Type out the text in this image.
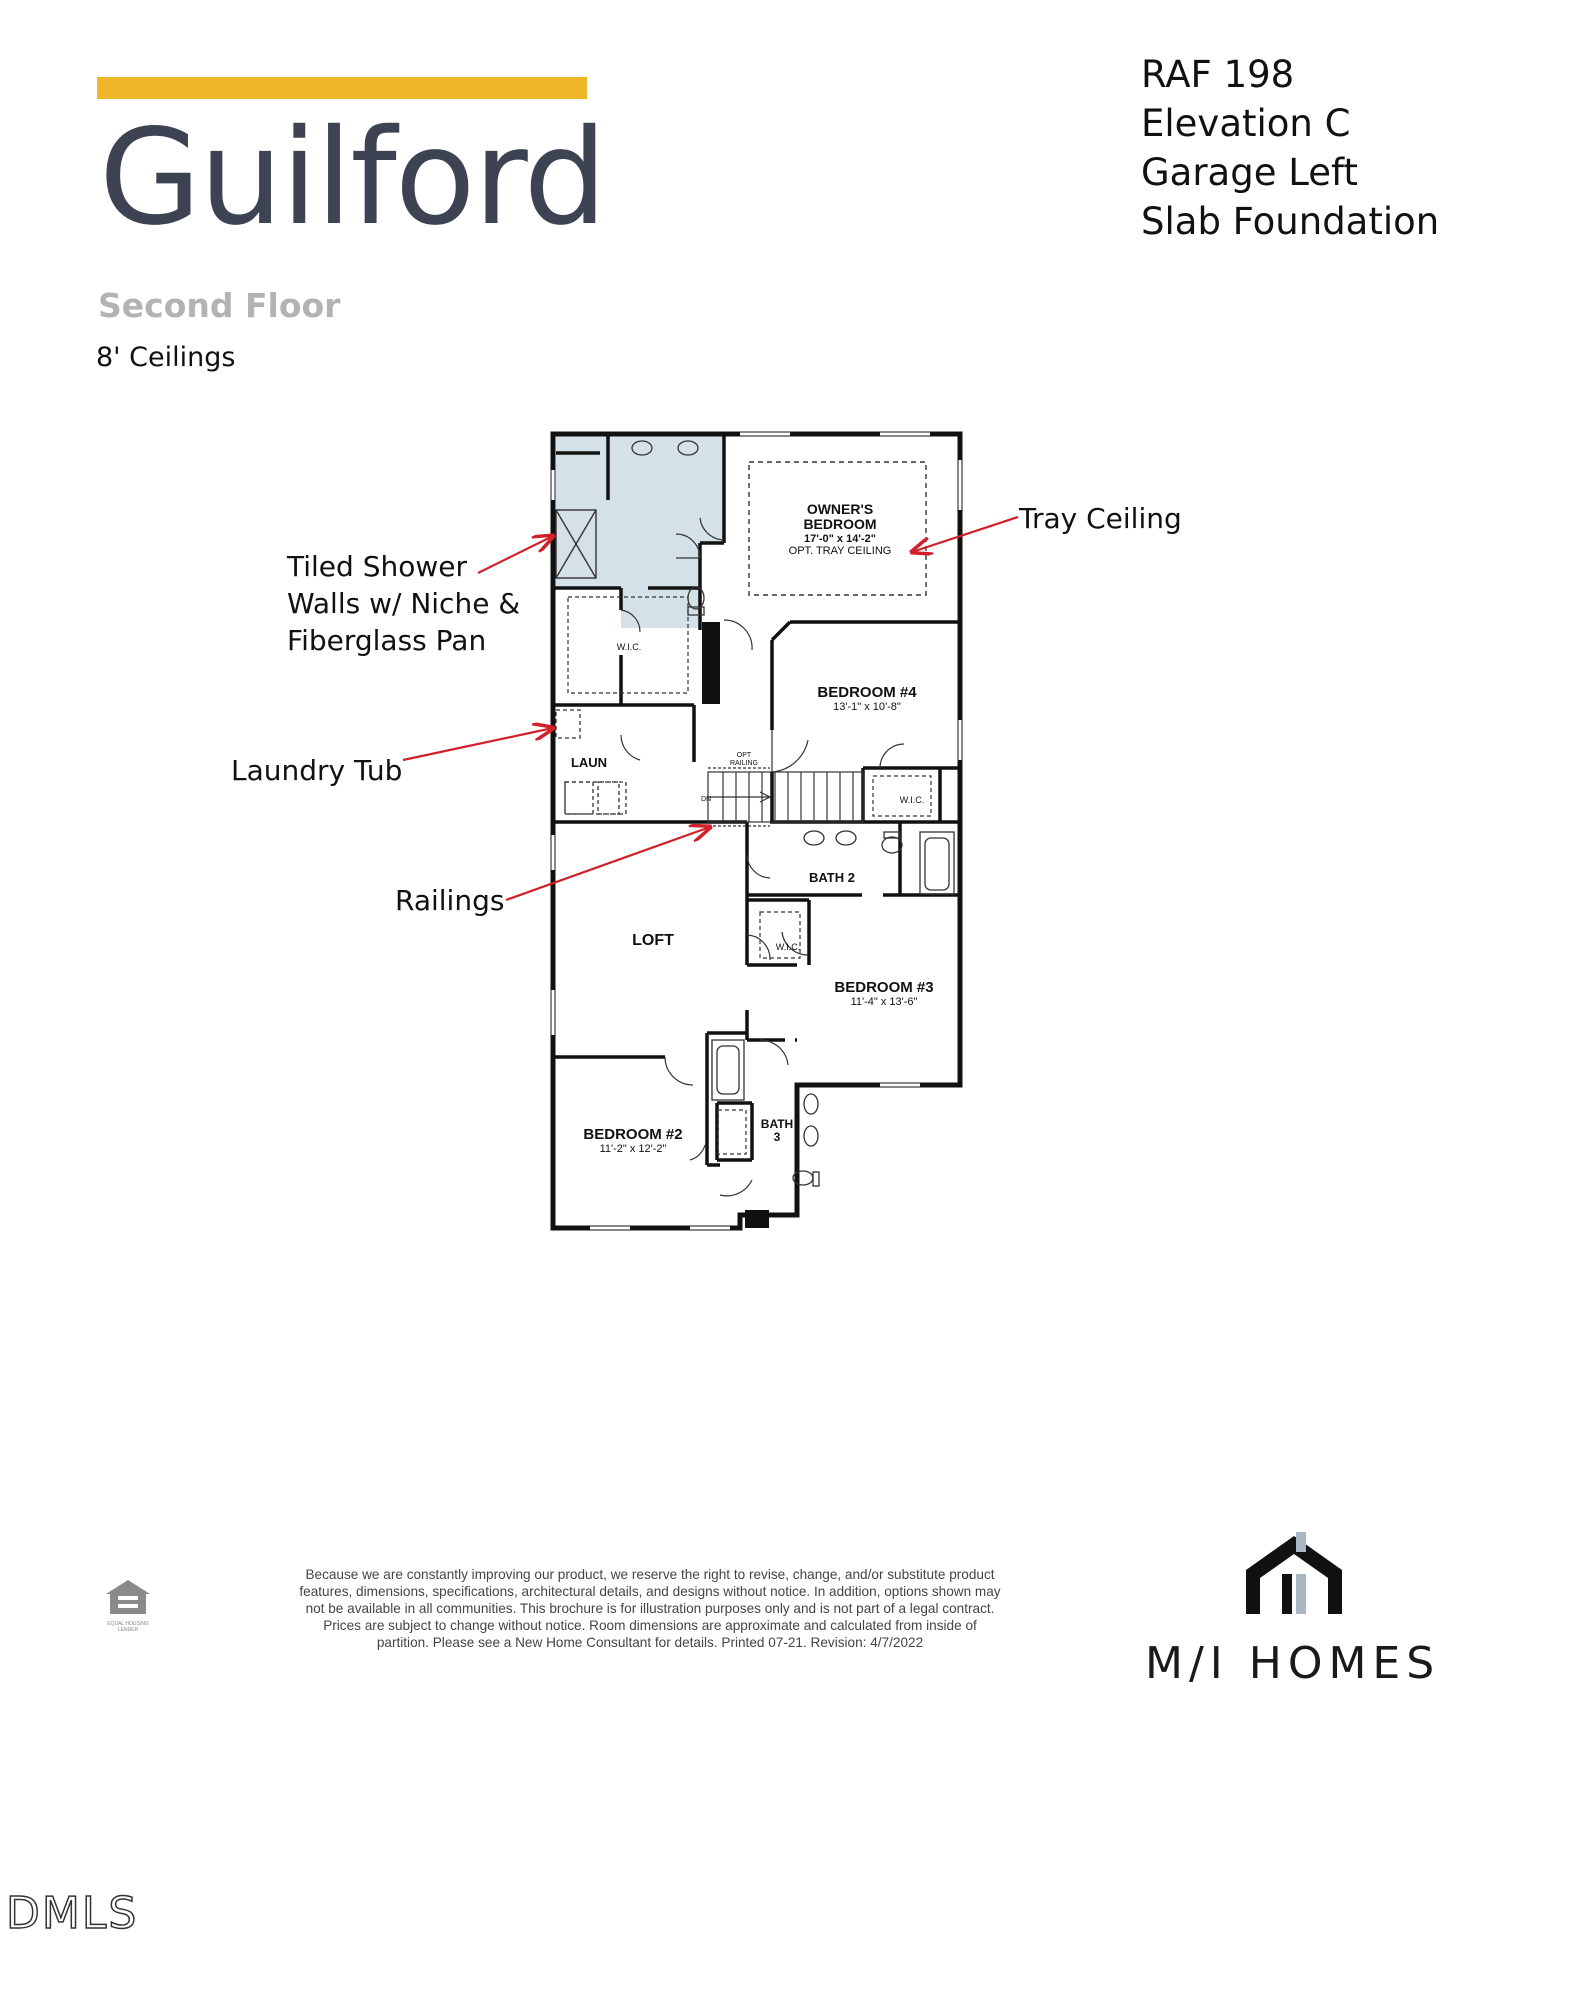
Guilford
Second Floor
8' Ceilings
RAF 198
Elevation C
Garage Left
Slab Foundation
Tray Ceiling
Tiled Shower
Walls w/ Niche &
Fiberglass Pan
Laundry Tub
Railings
OWNER'S
BEDROOM
17'-0" x 14'-2"
OPT. TRAY CEILING
BEDROOM #4
13'-1" x 10'-8"
BEDROOM #3
11'-4" x 13'-6"
BEDROOM #2
11'-2" x 12'-2"
LOFT
LAUN
BATH 2
BATH
3
W.I.C.
W.I.C.
W.I.C.
OPT
RAILING
DN
EQUAL HOUSING
LENDER
Because we are constantly improving our product, we reserve the right to revise, change, and/or substitute product
features, dimensions, specifications, architectural details, and designs without notice. In addition, options shown may
not be available in all communities. This brochure is for illustration purposes only and is not part of a legal contract.
Prices are subject to change without notice. Room dimensions are approximate and calculated from inside of
partition. Please see a New Home Consultant for details. Printed 07-21. Revision: 4/7/2022	M/I HOMES
DMLS
